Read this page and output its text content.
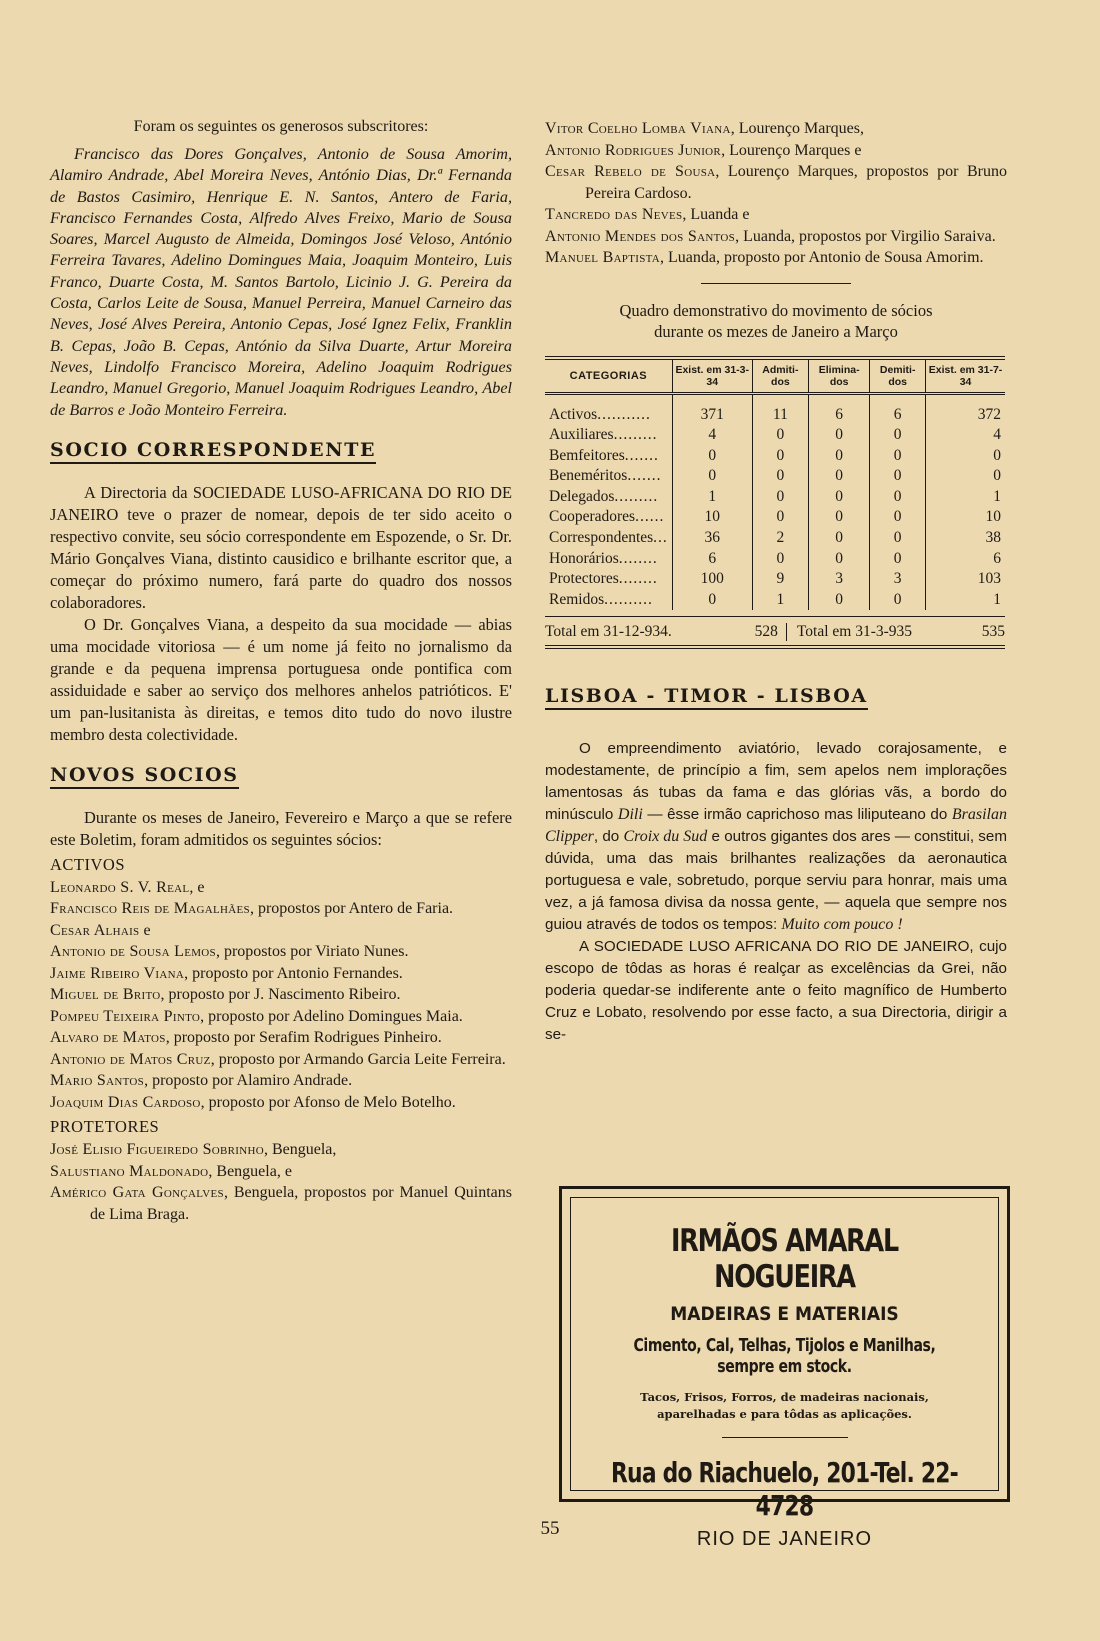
Foram os seguintes os generosos subscritores:

Francisco das Dores Gonçalves, Antonio de Sousa Amorim, Alamiro Andrade, Abel Moreira Neves, António Dias, Dr.ª Fernanda de Bastos Casimiro, Henrique E. N. Santos, Antero de Faria, Francisco Fernandes Costa, Alfredo Alves Freixo, Mario de Sousa Soares, Marcel Augusto de Almeida, Domingos José Veloso, António Ferreira Tavares, Adelino Domingues Maia, Joaquim Monteiro, Luis Franco, Duarte Costa, M. Santos Bartolo, Licinio J. G. Pereira da Costa, Carlos Leite de Sousa, Manuel Perreira, Manuel Carneiro das Neves, José Alves Pereira, Antonio Cepas, José Ignez Felix, Franklin B. Cepas, João B. Cepas, António da Silva Duarte, Artur Moreira Neves, Lindolfo Francisco Moreira, Adelino Joaquim Rodrigues Leandro, Manuel Gregorio, Manuel Joaquim Rodrigues Leandro, Abel de Barros e João Monteiro Ferreira.

SOCIO CORRESPONDENTE

A Directoria da SOCIEDADE LUSO-AFRICANA DO RIO DE JANEIRO teve o prazer de nomear, depois de ter sido aceito o respectivo convite, seu sócio correspondente em Espozende, o Sr. Dr. Mário Gonçalves Viana, distinto causidico e brilhante escritor que, a começar do próximo numero, fará parte do quadro dos nossos colaboradores.

O Dr. Gonçalves Viana, a despeito da sua mocidade — abias uma mocidade vitoriosa — é um nome já feito no jornalismo da grande e da pequena imprensa portuguesa onde pontifica com assiduidade e saber ao serviço dos melhores anhelos patrióticos. E' um pan-lusitanista às direitas, e temos dito tudo do novo ilustre membro desta colectividade.

NOVOS SOCIOS

Durante os meses de Janeiro, Fevereiro e Março a que se refere este Boletim, foram admitidos os seguintes sócios:

ACTIVOS
Leonardo S. V. Real, e
Francisco Reis de Magalhães, propostos por Antero de Faria.
Cesar Alhais e
Antonio de Sousa Lemos, propostos por Viriato Nunes.
Jaime Ribeiro Viana, proposto por Antonio Fernandes.
Miguel de Brito, proposto por J. Nascimento Ribeiro.
Pompeu Teixeira Pinto, proposto por Adelino Domingues Maia.
Alvaro de Matos, proposto por Serafim Rodrigues Pinheiro.
Antonio de Matos Cruz, proposto por Armando Garcia Leite Ferreira.
Mario Santos, proposto por Alamiro Andrade.
Joaquim Dias Cardoso, proposto por Afonso de Melo Botelho.
PROTETORES
José Elisio Figueiredo Sobrinho, Benguela,
Salustiano Maldonado, Benguela, e
Américo Gata Gonçalves, Benguela, propostos por Manuel Quintans de Lima Braga.
Vitor Coelho Lomba Viana, Lourenço Marques,
Antonio Rodrigues Junior, Lourenço Marques e
Cesar Rebelo de Sousa, Lourenço Marques, propostos por Bruno Pereira Cardoso.
Tancredo das Neves, Luanda e
Antonio Mendes dos Santos, Luanda, propostos por Virgilio Saraiva.
Manuel Baptista, Luanda, proposto por Antonio de Sousa Amorim.

Quadro demonstrativo do movimento de sócios
durante os mezes de Janeiro a Março

CATEGORIAS	Exist. em 31-3-34	Admiti-dos	Elimina-dos	Demiti-dos	Exist. em 31-7-34
Activos...........	371	11	6	6	372
Auxiliares.........	4	0	0	0	4
Bemfeitores.......	0	0	0	0	0
Beneméritos.......	0	0	0	0	0
Delegados.........	1	0	0	0	1
Cooperadores......	10	0	0	0	10
Correspondentes...	36	2	0	0	38
Honorários........	6	0	0	0	6
Protectores........	100	9	3	3	103
Remidos..........	0	1	0	0	1
Total em 31-12-934.	528	Total em 31-3-935	535
LISBOA - TIMOR - LISBOA

O empreendimento aviatório, levado corajosamente, e modestamente, de princípio a fim, sem apelos nem implorações lamentosas ás tubas da fama e das glórias vãs, a bordo do minúsculo Dili — êsse irmão caprichoso mas liliputeano do Brasilan Clipper, do Croix du Sud e outros gigantes dos ares — constitui, sem dúvida, uma das mais brilhantes realizações da aeronautica portuguesa e vale, sobretudo, porque serviu para honrar, mais uma vez, a já famosa divisa da nossa gente, — aquela que sempre nos guiou através de todos os tempos: Muito com pouco !

A SOCIEDADE LUSO AFRICANA DO RIO DE JANEIRO, cujo escopo de tôdas as horas é realçar as excelências da Grei, não poderia quedar-se indiferente ante o feito magnífico de Humberto Cruz e Lobato, resolvendo por esse facto, a sua Directoria, dirigir a se-

IRMÃOS AMARAL NOGUEIRA
MADEIRAS E MATERIAIS
Cimento, Cal, Telhas, Tijolos e Manilhas, sempre em stock.
Tacos, Frisos, Forros, de madeiras nacionais,
aparelhadas e para tôdas as aplicações.
Rua do Riachuelo, 201-Tel. 22-4728
RIO DE JANEIRO
55
